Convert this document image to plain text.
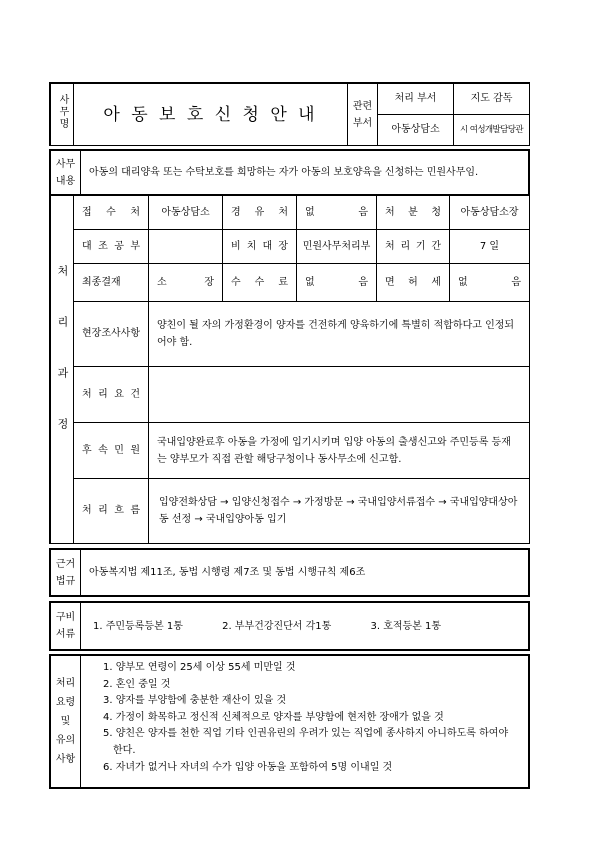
사무명	아 동 보 호 신 청 안 내	관련 부서	처리 부서	지도 감독
			아동상담소	시 여성개발담당관
사무 내용	아동의 대리양육 또는 수탁보호를 희망하는 자가 아동의 보호양육을 신청하는 민원사무임.
처리과정	접 수 처	아동상담소	경 유 처	없 음	처 분 청	아동상담소장
	대 조 공 부		비 치 대 장	민원사무처리부	처 리 기 간	7 일
	최종결재	소 장	수 수 료	없 음	면 허 세	없 음
	현장조사사항	양친이 될 자의 가정환경이 양자를 건전하게 양육하기에 특별히 적합하다고 인정되어야 함.				
	처 리 요 건					
	후 속 민 원	국내입양완료후 아동을 가정에 입기시키며 입양 아동의 출생신고와 주민등록 등재는 양부모가 직접 관할 해당구청이나 동사무소에 신고함.				
	처 리 흐 름	입양전화상담 → 입양신청접수 → 가정방문 → 국내입양서류접수 → 국내입양대상아동 선정 → 국내입양아동 입기				
근거 법규	아동복지법 제11조, 동법 시행령 제7조 및 동법 시행규칙 제6조
구비 서류	1. 주민등록등본 1통	2. 부부건강진단서 각1통	3. 호적등본 1통
처리 요령 및 유의 사항	
1. 양부모 연령이 25세 이상 55세 미만일 것
2. 혼인 중일 것
3. 양자를 부양함에 충분한 재산이 있을 것
4. 가정이 화목하고 정신적 신체적으로 양자를 부양함에 현저한 장애가 없을 것
5. 양친은 양자를 천한 직업 기타 인권유린의 우려가 있는 직업에 종사하지 아니하도록 하여야 한다.
6. 자녀가 없거나 자녀의 수가 입양 아동을 포함하여 5명 이내일 것
